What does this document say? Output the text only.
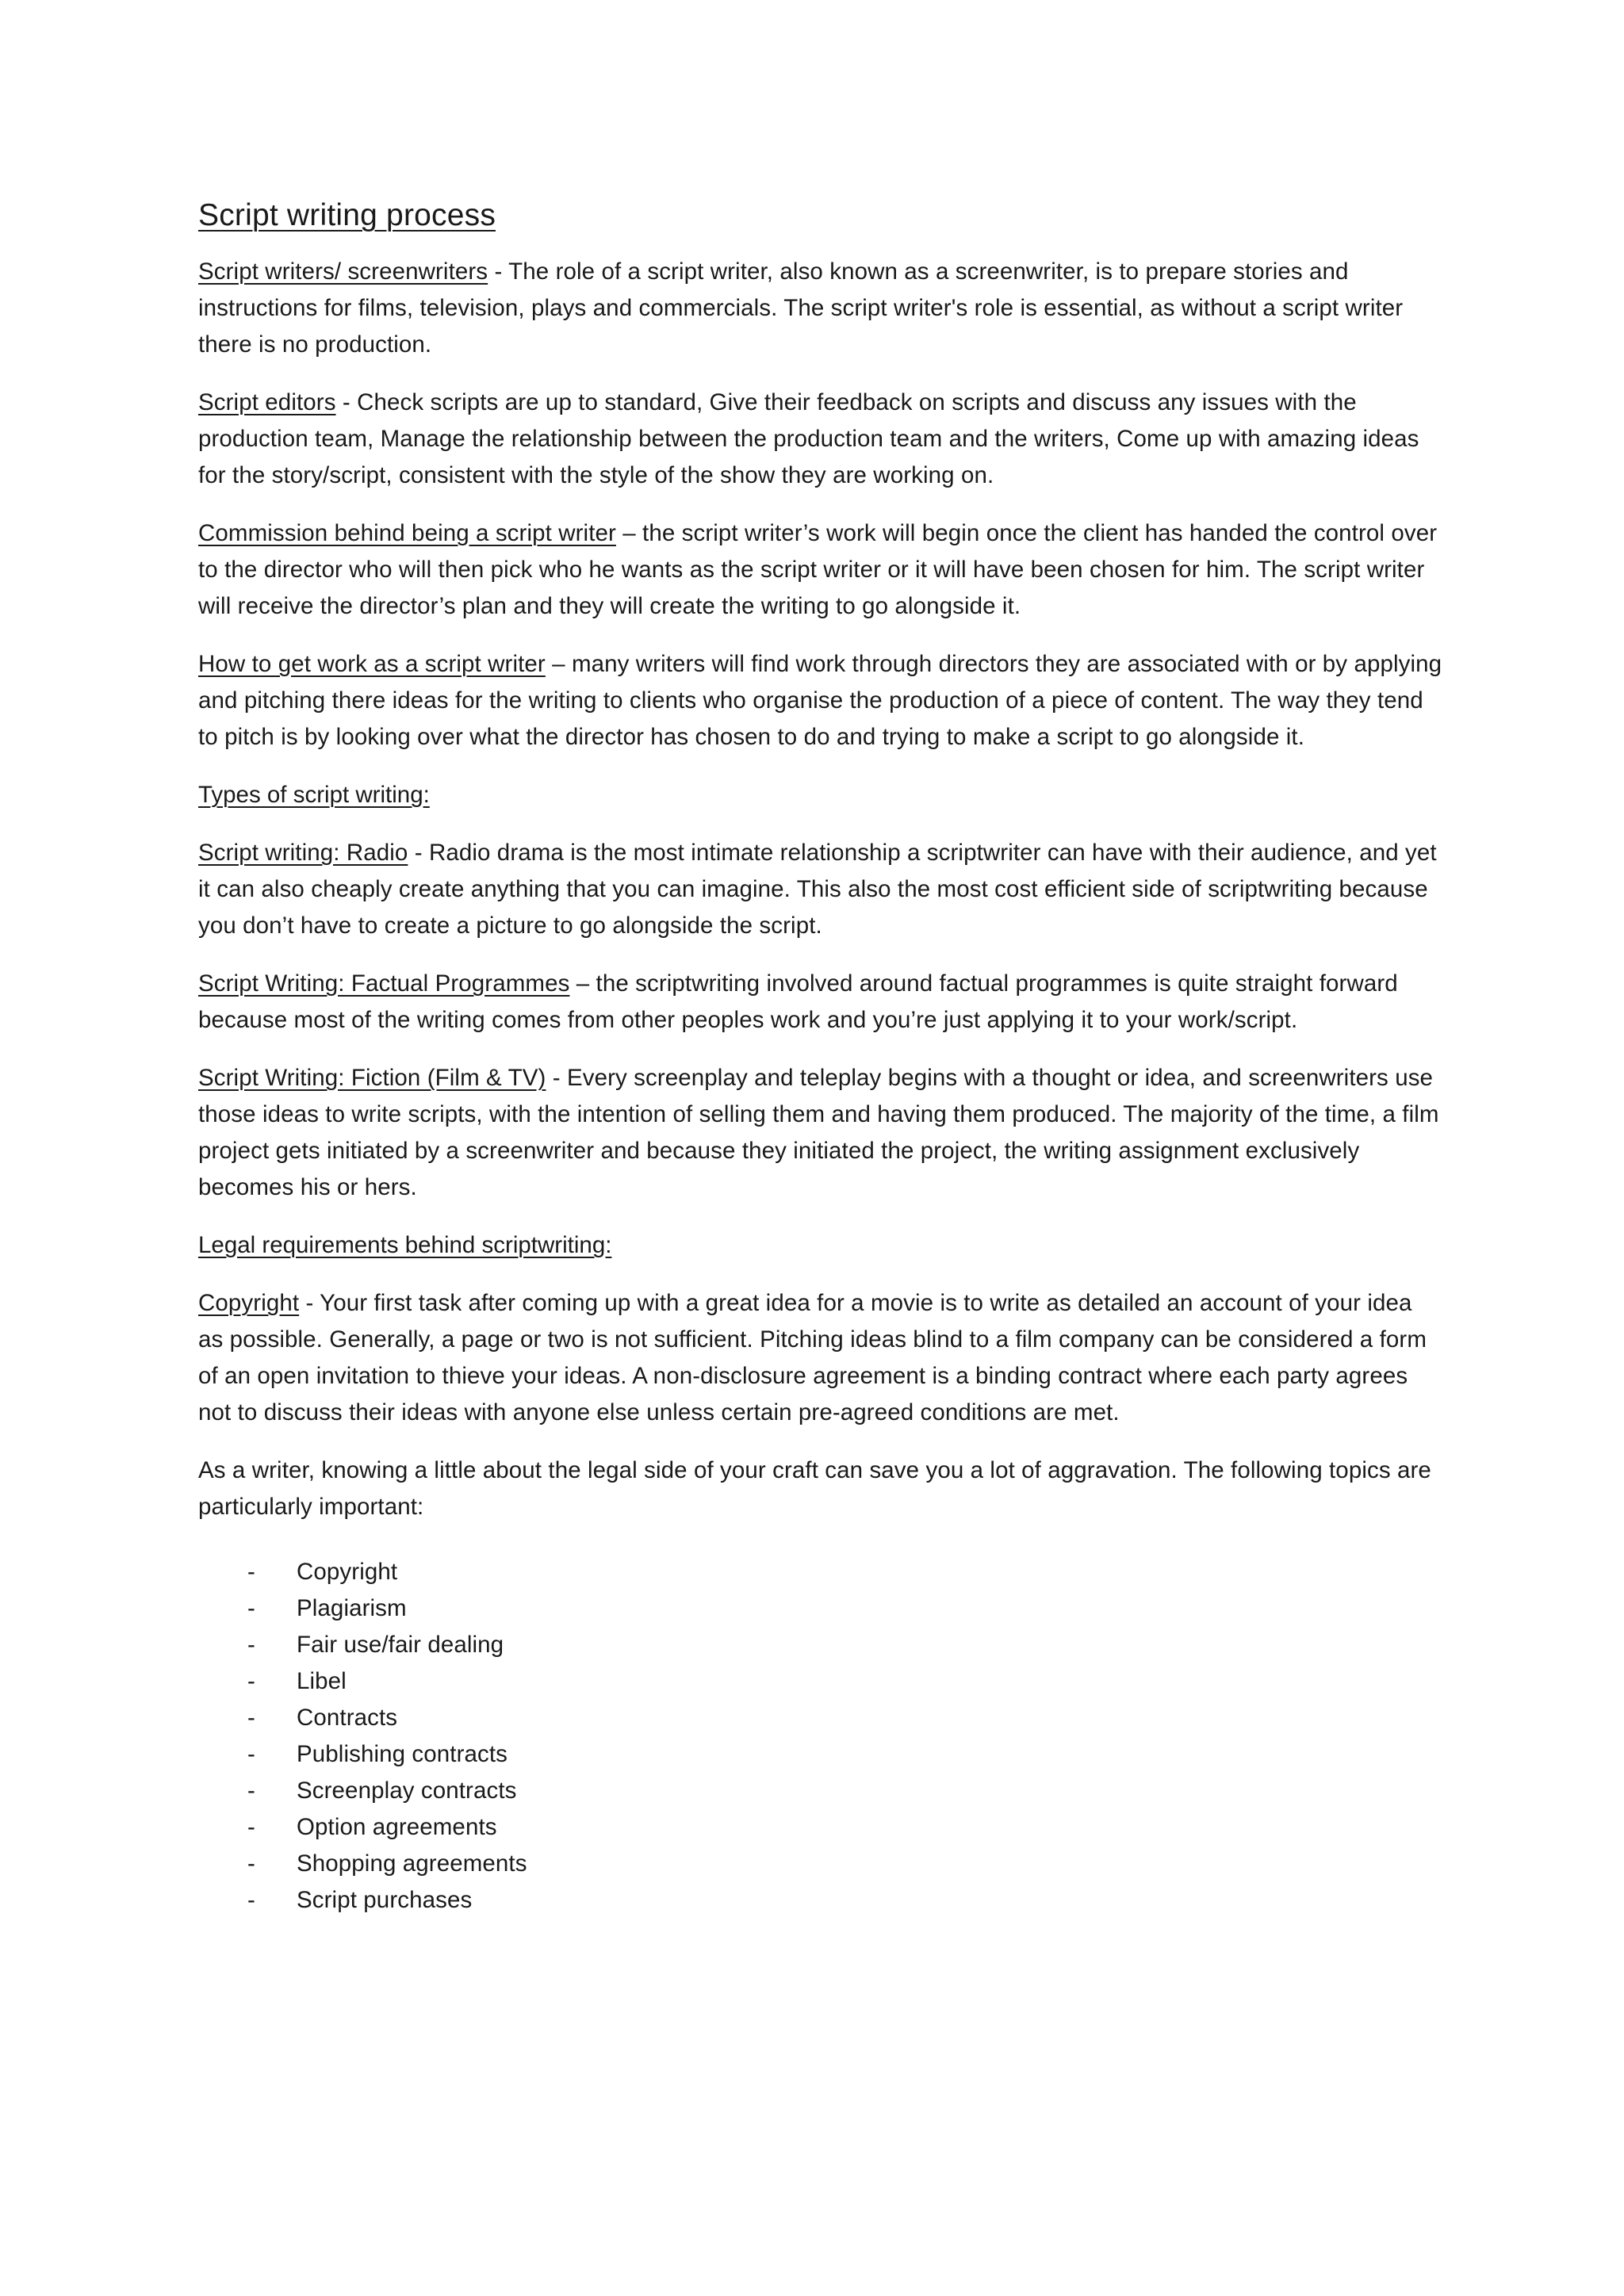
Script writing process

Script writers/ screenwriters - The role of a script writer, also known as a screenwriter, is to prepare stories and instructions for films, television, plays and commercials. The script writer's role is essential, as without a script writer there is no production.

Script editors - Check scripts are up to standard, Give their feedback on scripts and discuss any issues with the production team, Manage the relationship between the production team and the writers, Come up with amazing ideas for the story/script, consistent with the style of the show they are working on.

Commission behind being a script writer – the script writer’s work will begin once the client has handed the control over to the director who will then pick who he wants as the script writer or it will have been chosen for him. The script writer will receive the director’s plan and they will create the writing to go alongside it.

How to get work as a script writer – many writers will find work through directors they are associated with or by applying and pitching there ideas for the writing to clients who organise the production of a piece of content. The way they tend to pitch is by looking over what the director has chosen to do and trying to make a script to go alongside it.

Types of script writing:

Script writing: Radio - Radio drama is the most intimate relationship a scriptwriter can have with their audience, and yet it can also cheaply create anything that you can imagine. This also the most cost efficient side of scriptwriting because you don’t have to create a picture to go alongside the script.

Script Writing: Factual Programmes – the scriptwriting involved around factual programmes is quite straight forward because most of the writing comes from other peoples work and you’re just applying it to your work/script.

Script Writing: Fiction (Film & TV) - Every screenplay and teleplay begins with a thought or idea, and screenwriters use those ideas to write scripts, with the intention of selling them and having them produced. The majority of the time, a film project gets initiated by a screenwriter and because they initiated the project, the writing assignment exclusively becomes his or hers.

Legal requirements behind scriptwriting:

Copyright - Your first task after coming up with a great idea for a movie is to write as detailed an account of your idea as possible. Generally, a page or two is not sufficient. Pitching ideas blind to a film company can be considered a form of an open invitation to thieve your ideas. A non-disclosure agreement is a binding contract where each party agrees not to discuss their ideas with anyone else unless certain pre-agreed conditions are met.

As a writer, knowing a little about the legal side of your craft can save you a lot of aggravation. The following topics are particularly important:

-	Copyright
-	Plagiarism
-	Fair use/fair dealing
-	Libel
-	Contracts
-	Publishing contracts
-	Screenplay contracts
-	Option agreements
-	Shopping agreements
-	Script purchases
